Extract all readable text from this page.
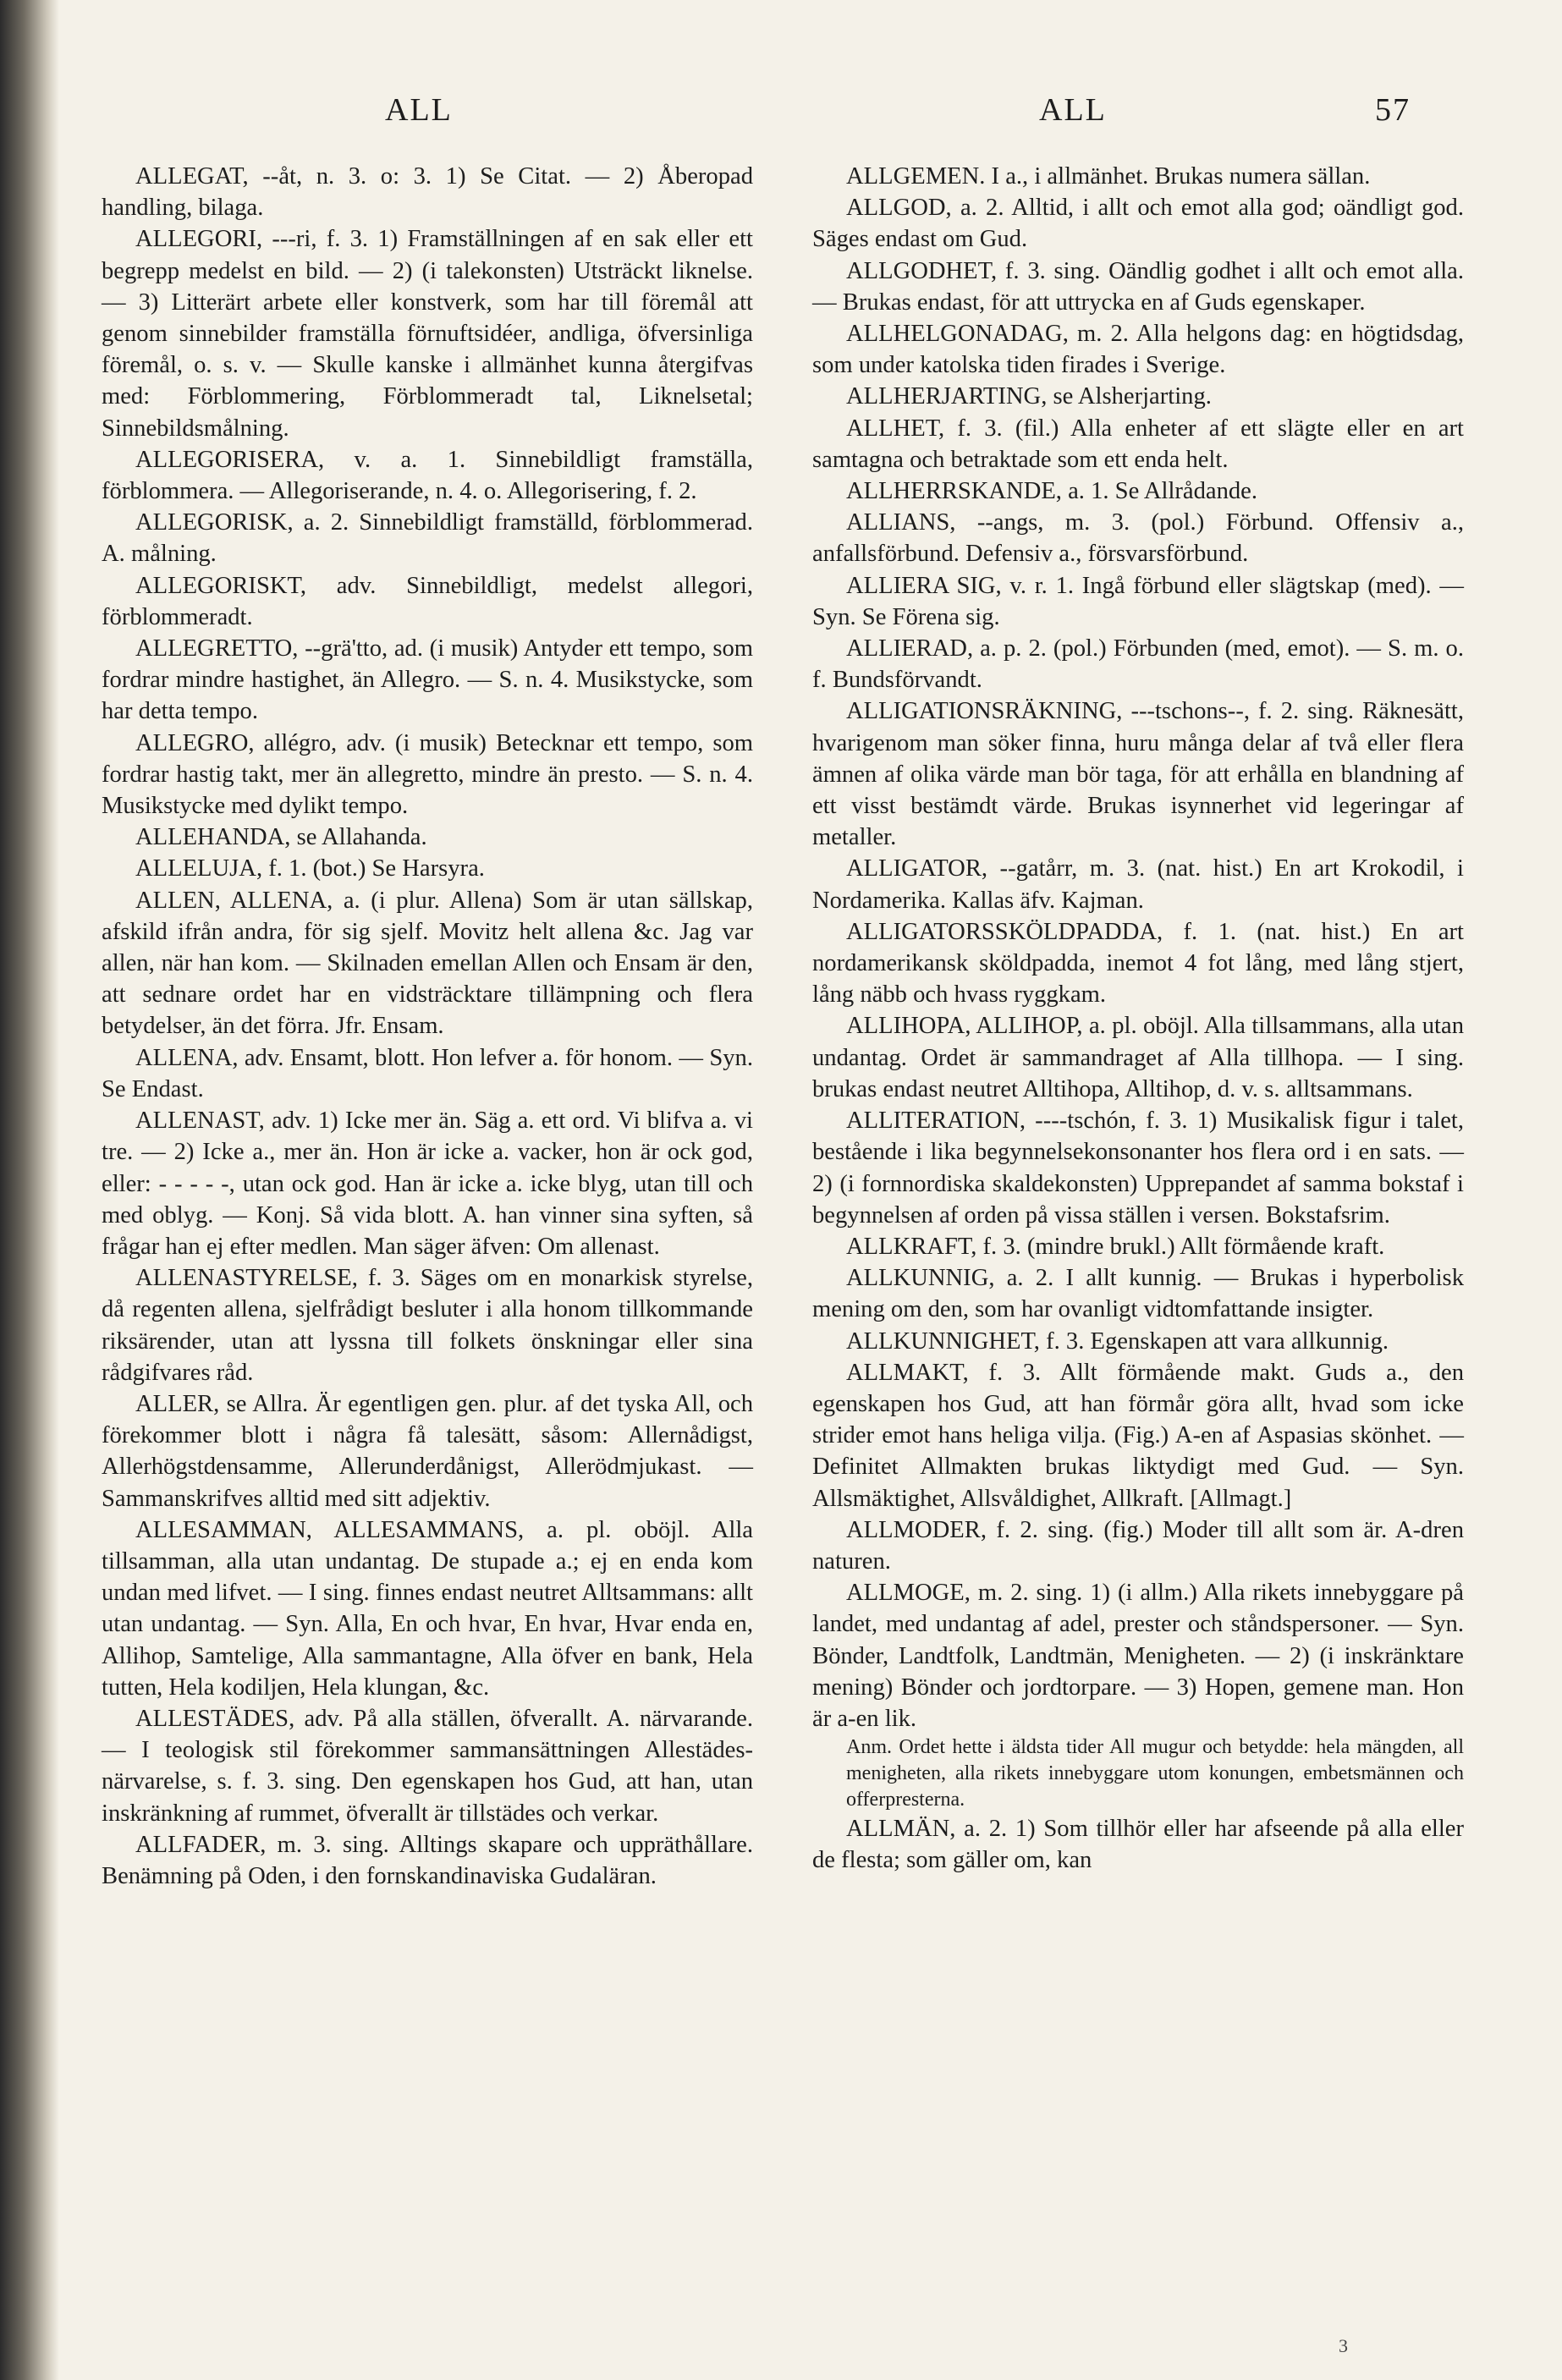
ALL	ALL	57

ALLEGAT, --åt, n. 3. o: 3. 1) Se Citat. — 2) Åberopad handling, bilaga.

ALLEGORI, ---ri, f. 3. 1) Framställningen af en sak eller ett begrepp medelst en bild. — 2) (i talekonsten) Utsträckt liknelse. — 3) Litterärt arbete eller konstverk, som har till föremål att genom sinnebilder framställa förnuftsidéer, andliga, öfversinliga föremål, o. s. v. — Skulle kanske i allmänhet kunna återgifvas med: Förblommering, Förblommeradt tal, Liknelsetal; Sinnebildsmålning.

ALLEGORISERA, v. a. 1. Sinnebildligt framställa, förblommera. — Allegoriserande, n. 4. o. Allegorisering, f. 2.

ALLEGORISK, a. 2. Sinnebildligt framställd, förblommerad. A. målning.

ALLEGORISKT, adv. Sinnebildligt, medelst allegori, förblommeradt.

ALLEGRETTO, --grä'tto, ad. (i musik) Antyder ett tempo, som fordrar mindre hastighet, än Allegro. — S. n. 4. Musikstycke, som har detta tempo.

ALLEGRO, allégro, adv. (i musik) Betecknar ett tempo, som fordrar hastig takt, mer än allegretto, mindre än presto. — S. n. 4. Musikstycke med dylikt tempo.

ALLEHANDA, se Allahanda.

ALLELUJA, f. 1. (bot.) Se Harsyra.

ALLEN, ALLENA, a. (i plur. Allena) Som är utan sällskap, afskild ifrån andra, för sig sjelf. Movitz helt allena &c. Jag var allen, när han kom. — Skilnaden emellan Allen och Ensam är den, att sednare ordet har en vidsträcktare tillämpning och flera betydelser, än det förra. Jfr. Ensam.

ALLENA, adv. Ensamt, blott. Hon lefver a. för honom. — Syn. Se Endast.

ALLENAST, adv. 1) Icke mer än. Säg a. ett ord. Vi blifva a. vi tre. — 2) Icke a., mer än. Hon är icke a. vacker, hon är ock god, eller: - - - - -, utan ock god. Han är icke a. icke blyg, utan till och med oblyg. — Konj. Så vida blott. A. han vinner sina syften, så frågar han ej efter medlen. Man säger äfven: Om allenast.

ALLENASTYRELSE, f. 3. Säges om en monarkisk styrelse, då regenten allena, sjelfrådigt besluter i alla honom tillkommande riksärender, utan att lyssna till folkets önskningar eller sina rådgifvares råd.

ALLER, se Allra. Är egentligen gen. plur. af det tyska All, och förekommer blott i några få talesätt, såsom: Allernådigst, Allerhögstdensamme, Allerunderdånigst, Allerödmjukast. — Sammanskrifves alltid med sitt adjektiv.

ALLESAMMAN, ALLESAMMANS, a. pl. oböjl. Alla tillsamman, alla utan undantag. De stupade a.; ej en enda kom undan med lifvet. — I sing. finnes endast neutret Alltsammans: allt utan undantag. — Syn. Alla, En och hvar, En hvar, Hvar enda en, Allihop, Samtelige, Alla sammantagne, Alla öfver en bank, Hela tutten, Hela kodiljen, Hela klungan, &c.

ALLESTÄDES, adv. På alla ställen, öfverallt. A. närvarande. — I teologisk stil förekommer sammansättningen Allestädes-närvarelse, s. f. 3. sing. Den egenskapen hos Gud, att han, utan inskränkning af rummet, öfverallt är tillstädes och verkar.

ALLFADER, m. 3. sing. Alltings skapare och uppräthållare. Benämning på Oden, i den fornskandinaviska Gudaläran.

ALLGEMEN. I a., i allmänhet. Brukas numera sällan.

ALLGOD, a. 2. Alltid, i allt och emot alla god; oändligt god. Säges endast om Gud.

ALLGODHET, f. 3. sing. Oändlig godhet i allt och emot alla. — Brukas endast, för att uttrycka en af Guds egenskaper.

ALLHELGONADAG, m. 2. Alla helgons dag: en högtidsdag, som under katolska tiden firades i Sverige.

ALLHERJARTING, se Alsherjarting.

ALLHET, f. 3. (fil.) Alla enheter af ett slägte eller en art samtagna och betraktade som ett enda helt.

ALLHERRSKANDE, a. 1. Se Allrådande.

ALLIANS, --angs, m. 3. (pol.) Förbund. Offensiv a., anfallsförbund. Defensiv a., försvarsförbund.

ALLIERA SIG, v. r. 1. Ingå förbund eller slägtskap (med). — Syn. Se Förena sig.

ALLIERAD, a. p. 2. (pol.) Förbunden (med, emot). — S. m. o. f. Bundsförvandt.

ALLIGATIONSRÄKNING, ---tschons--, f. 2. sing. Räknesätt, hvarigenom man söker finna, huru många delar af två eller flera ämnen af olika värde man bör taga, för att erhålla en blandning af ett visst bestämdt värde. Brukas isynnerhet vid legeringar af metaller.

ALLIGATOR, --gatårr, m. 3. (nat. hist.) En art Krokodil, i Nordamerika. Kallas äfv. Kajman.

ALLIGATORSSKÖLDPADDA, f. 1. (nat. hist.) En art nordamerikansk sköldpadda, inemot 4 fot lång, med lång stjert, lång näbb och hvass ryggkam.

ALLIHOPA, ALLIHOP, a. pl. oböjl. Alla tillsammans, alla utan undantag. Ordet är sammandraget af Alla tillhopa. — I sing. brukas endast neutret Alltihopa, Alltihop, d. v. s. alltsammans.

ALLITERATION, ----tschón, f. 3. 1) Musikalisk figur i talet, bestående i lika begynnelsekonsonanter hos flera ord i en sats. — 2) (i fornnordiska skaldekonsten) Upprepandet af samma bokstaf i begynnelsen af orden på vissa ställen i versen. Bokstafsrim.

ALLKRAFT, f. 3. (mindre brukl.) Allt förmående kraft.

ALLKUNNIG, a. 2. I allt kunnig. — Brukas i hyperbolisk mening om den, som har ovanligt vidtomfattande insigter.

ALLKUNNIGHET, f. 3. Egenskapen att vara allkunnig.

ALLMAKT, f. 3. Allt förmående makt. Guds a., den egenskapen hos Gud, att han förmår göra allt, hvad som icke strider emot hans heliga vilja. (Fig.) A-en af Aspasias skönhet. — Definitet Allmakten brukas liktydigt med Gud. — Syn. Allsmäktighet, Allsvåldighet, Allkraft. [Allmagt.]

ALLMODER, f. 2. sing. (fig.) Moder till allt som är. A-dren naturen.

ALLMOGE, m. 2. sing. 1) (i allm.) Alla rikets innebyggare på landet, med undantag af adel, prester och ståndspersoner. — Syn. Bönder, Landtfolk, Landtmän, Menigheten. — 2) (i inskränktare mening) Bönder och jordtorpare. — 3) Hopen, gemene man. Hon är a-en lik.

Anm. Ordet hette i äldsta tider All mugur och betydde: hela mängden, all menigheten, alla rikets innebyggare utom konungen, embetsmännen och offerpresterna.

ALLMÄN, a. 2. 1) Som tillhör eller har afseende på alla eller de flesta; som gäller om, kan

3
